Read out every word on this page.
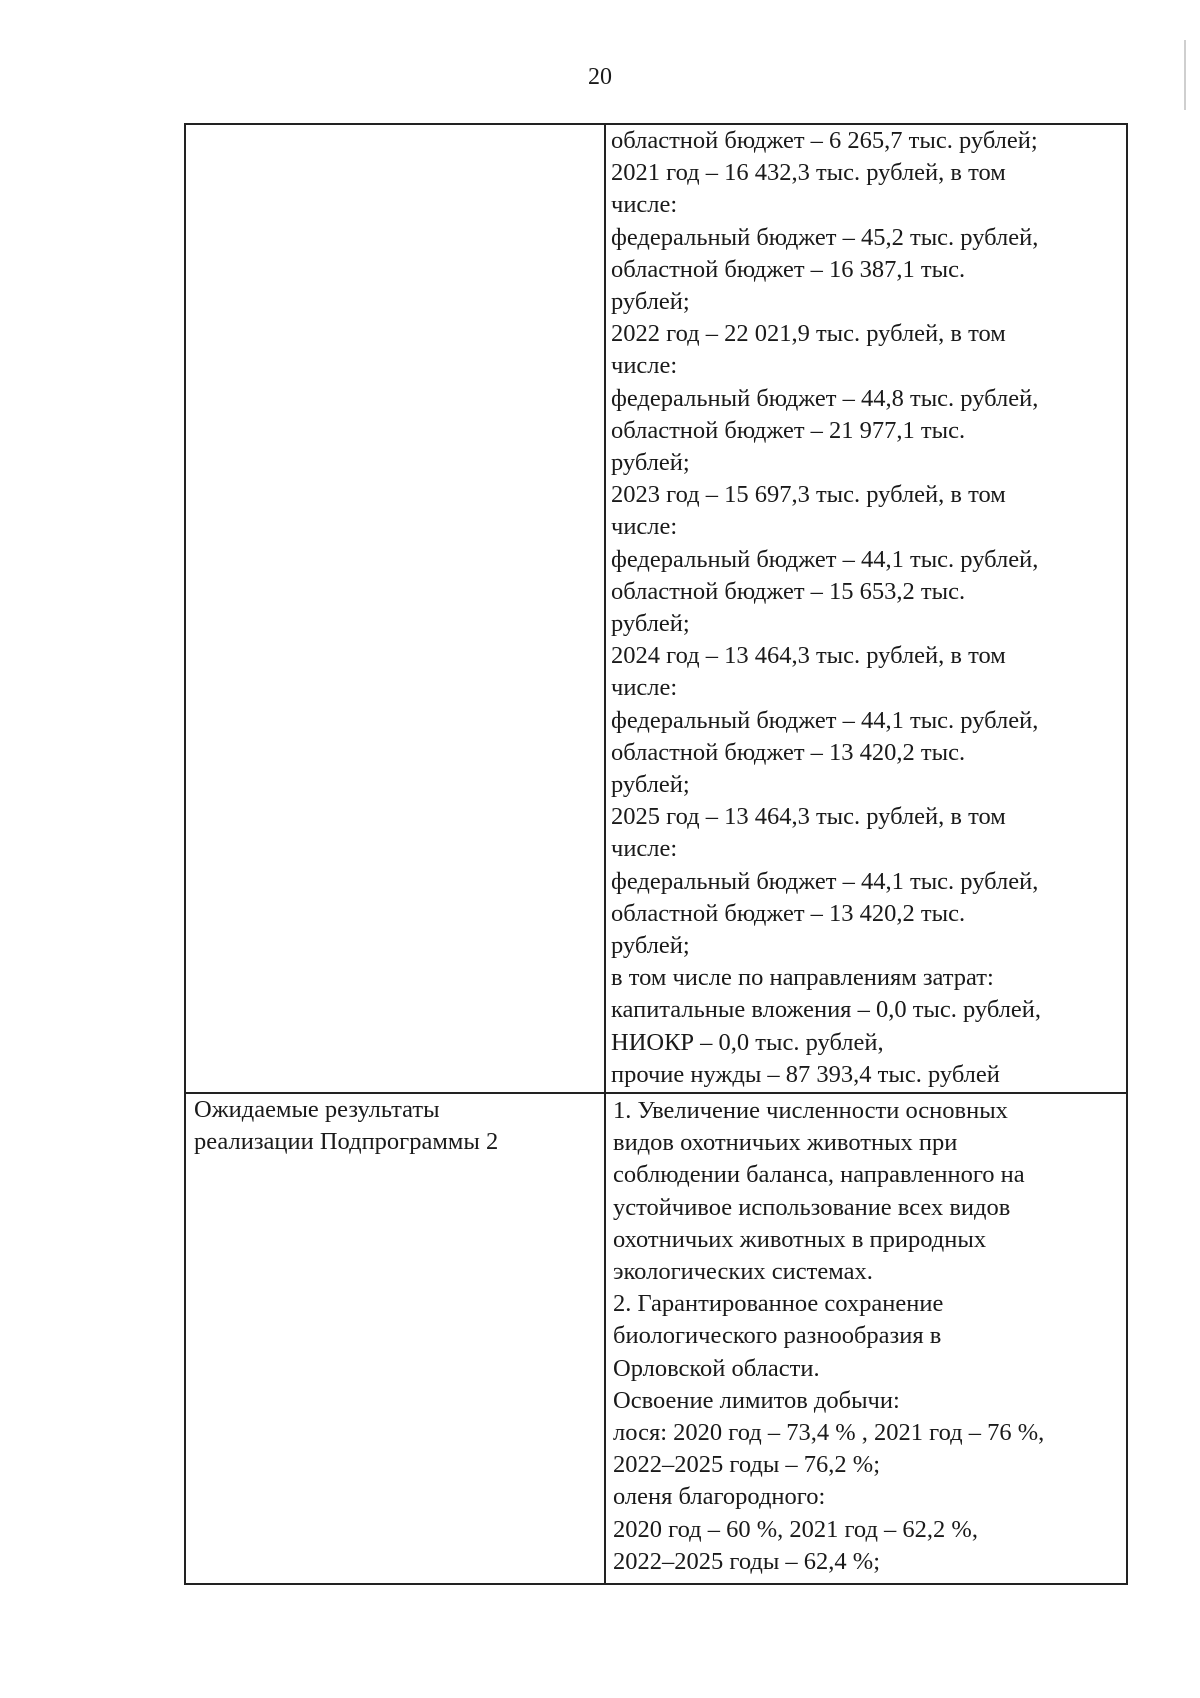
20
областной бюджет – 6 265,7 тыс. рублей;
2021 год – 16 432,3 тыс. рублей, в том
числе:
федеральный бюджет – 45,2 тыс. рублей,
областной бюджет – 16 387,1 тыс.
рублей;
2022 год – 22 021,9 тыс. рублей, в том
числе:
федеральный бюджет – 44,8 тыс. рублей,
областной бюджет – 21 977,1 тыс.
рублей;
2023 год – 15 697,3 тыс. рублей, в том
числе:
федеральный бюджет – 44,1 тыс. рублей,
областной бюджет – 15 653,2 тыс.
рублей;
2024 год – 13 464,3 тыс. рублей, в том
числе:
федеральный бюджет – 44,1 тыс. рублей,
областной бюджет – 13 420,2 тыс.
рублей;
2025 год – 13 464,3 тыс. рублей, в том
числе:
федеральный бюджет – 44,1 тыс. рублей,
областной бюджет – 13 420,2 тыс.
рублей;
в том числе по направлениям затрат:
капитальные вложения – 0,0 тыс. рублей,
НИОКР – 0,0 тыс. рублей,
прочие нужды – 87 393,4 тыс. рублей
Ожидаемые результаты
реализации Подпрограммы 2
1. Увеличение численности основных
видов охотничьих животных при
соблюдении баланса, направленного на
устойчивое использование всех видов
охотничьих животных в природных
экологических системах.
2. Гарантированное сохранение
биологического разнообразия в
Орловской области.
Освоение лимитов добычи:
лося: 2020 год – 73,4 % , 2021 год – 76 %,
2022–2025 годы – 76,2 %;
оленя благородного:
2020 год – 60 %, 2021 год – 62,2 %,
2022–2025 годы – 62,4 %;
